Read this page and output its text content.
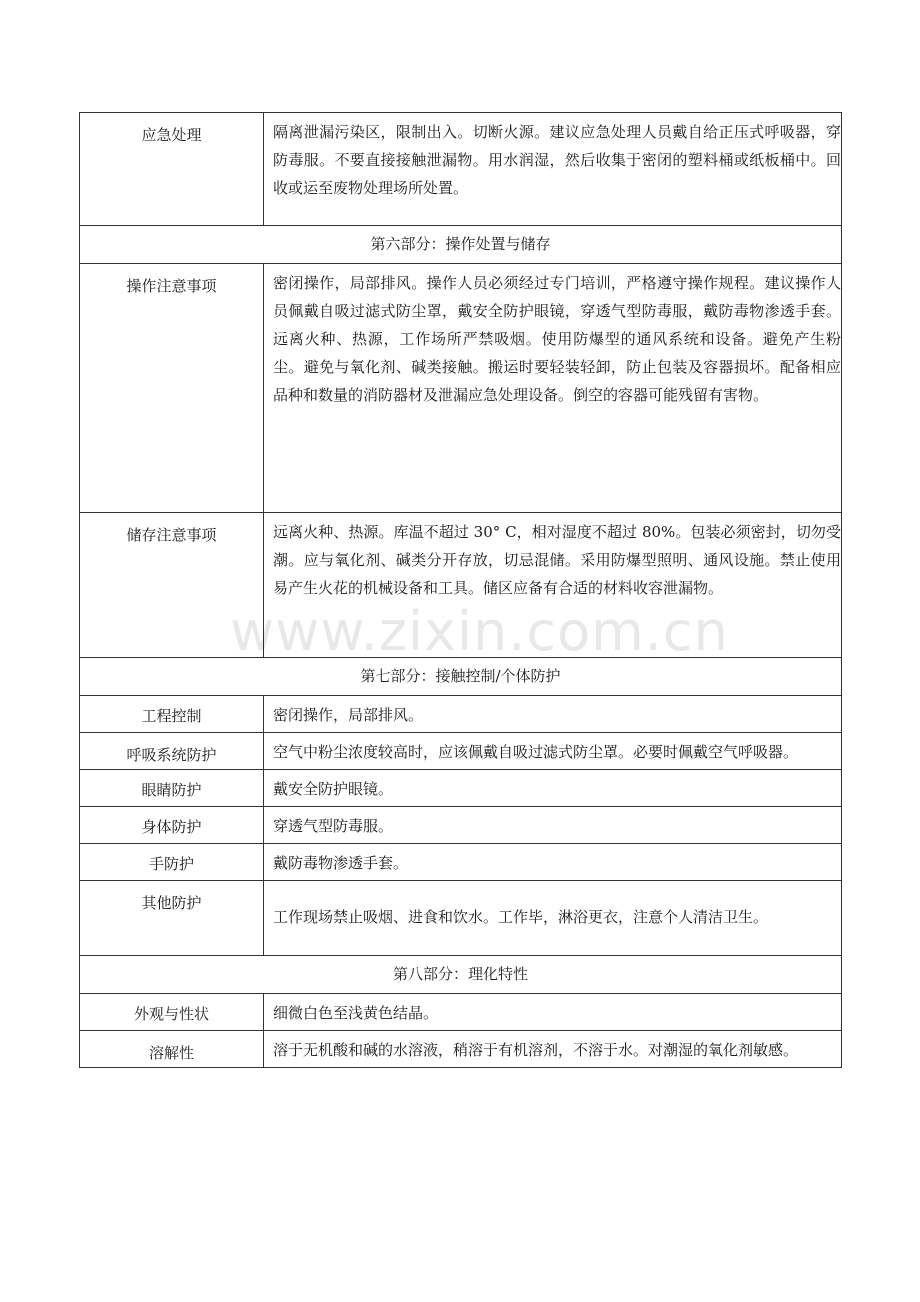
应急处理	隔离泄漏污染区，限制出入。切断火源。建议应急处理人员戴自给正压式呼吸器，穿防毒服。不要直接接触泄漏物。用水润湿，然后收集于密闭的塑料桶或纸板桶中。回收或运至废物处理场所处置。
第六部分：操作处置与储存	
操作注意事项	密闭操作，局部排风。操作人员必须经过专门培训，严格遵守操作规程。建议操作人员佩戴自吸过滤式防尘罩，戴安全防护眼镜，穿透气型防毒服，戴防毒物渗透手套。远离火种、热源，工作场所严禁吸烟。使用防爆型的通风系统和设备。避免产生粉尘。避免与氧化剂、碱类接触。搬运时要轻装轻卸，防止包装及容器损坏。配备相应品种和数量的消防器材及泄漏应急处理设备。倒空的容器可能残留有害物。
储存注意事项	远离火种、热源。库温不超过 30° C，相对湿度不超过 80%。包装必须密封，切勿受潮。应与氧化剂、碱类分开存放，切忌混储。采用防爆型照明、通风设施。禁止使用易产生火花的机械设备和工具。储区应备有合适的材料收容泄漏物。
第七部分：接触控制/个体防护	
工程控制	密闭操作，局部排风。
呼吸系统防护	空气中粉尘浓度较高时，应该佩戴自吸过滤式防尘罩。必要时佩戴空气呼吸器。
眼睛防护	戴安全防护眼镜。
身体防护	穿透气型防毒服。
手防护	戴防毒物渗透手套。
其他防护	工作现场禁止吸烟、进食和饮水。工作毕，淋浴更衣，注意个人清洁卫生。
第八部分：理化特性	
外观与性状	细微白色至浅黄色结晶。
溶解性	溶于无机酸和碱的水溶液，稍溶于有机溶剂，不溶于水。对潮湿的氧化剂敏感。
www.zixin.com.cn
